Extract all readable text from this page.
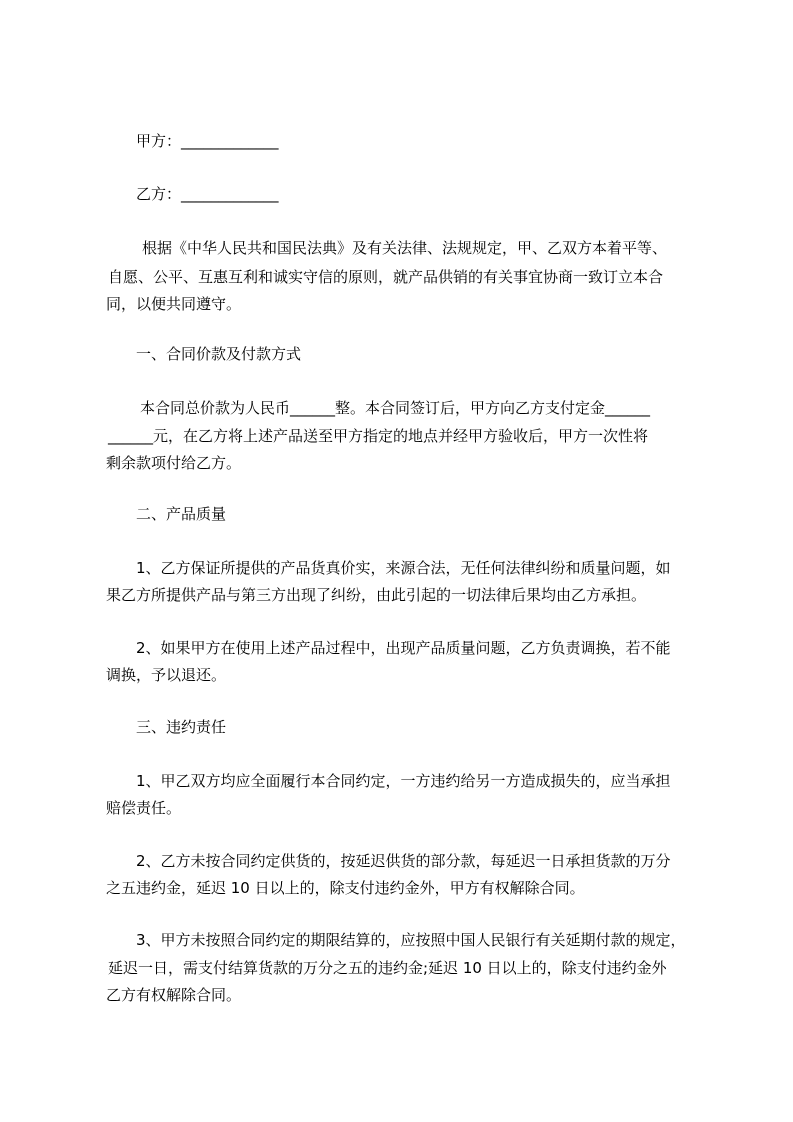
甲方：_____________

乙方：_____________

根据《中华人民共和国民法典》及有关法律、法规规定，甲、乙双方本着平等、

自愿、公平、互惠互利和诚实守信的原则，就产品供销的有关事宜协商一致订立本合

同，以便共同遵守。

一、合同价款及付款方式

本合同总价款为人民币______整。本合同签订后，甲方向乙方支付定金______

______元，在乙方将上述产品送至甲方指定的地点并经甲方验收后，甲方一次性将

剩余款项付给乙方。

二、产品质量

1、乙方保证所提供的产品货真价实，来源合法，无任何法律纠纷和质量问题，如

果乙方所提供产品与第三方出现了纠纷，由此引起的一切法律后果均由乙方承担。

2、如果甲方在使用上述产品过程中，出现产品质量问题，乙方负责调换，若不能

调换，予以退还。

三、违约责任

1、甲乙双方均应全面履行本合同约定，一方违约给另一方造成损失的，应当承担

赔偿责任。

2、乙方未按合同约定供货的，按延迟供货的部分款，每延迟一日承担货款的万分

之五违约金，延迟 10 日以上的，除支付违约金外，甲方有权解除合同。

3、甲方未按照合同约定的期限结算的，应按照中国人民银行有关延期付款的规定，

延迟一日，需支付结算货款的万分之五的违约金;延迟 10 日以上的，除支付违约金外

乙方有权解除合同。
